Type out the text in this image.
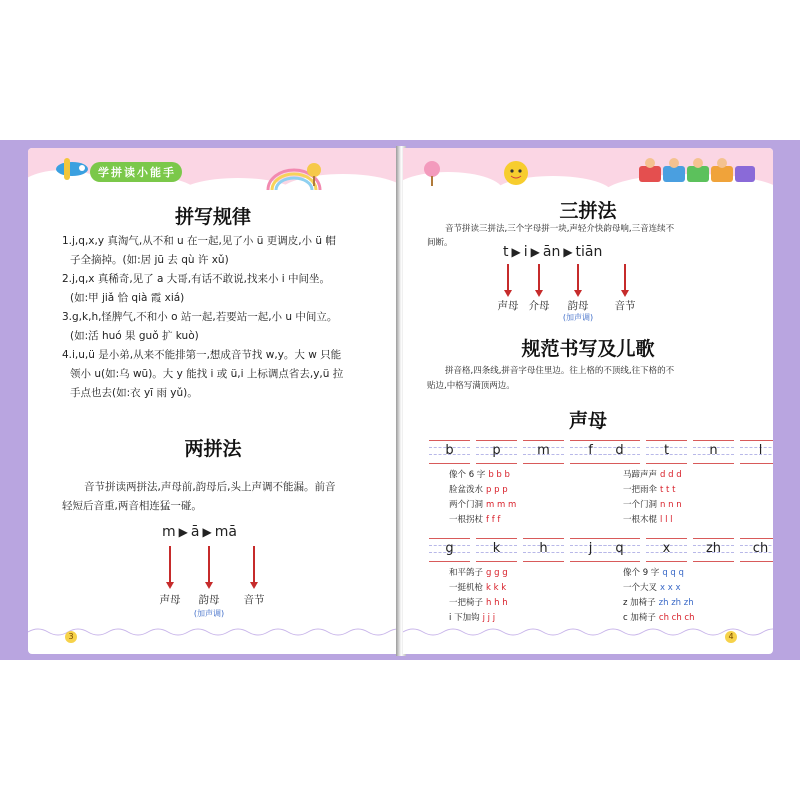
学 拼 读 小 能 手
拼写规律
1.j,q,x,y 真淘气,从不和 u 在一起,见了小 ü 更调皮,小 ü 帽
子全摘掉。(如:居 jū 去 qù 许 xǔ)
2.j,q,x 真稀奇,见了 a 大哥,有话不敢说,找来小 i 中间坐。
(如:甲 jiǎ 恰 qià 霞 xiá)
3.g,k,h,怪脾气,不和小 o 站一起,若要站一起,小 u 中间立。
(如:活 huó 果 guǒ 扩 kuò)
4.i,u,ü 是小弟,从来不能排第一,想成音节找 w,y。大 w 只能
领小 u(如:乌 wū)。大 y 能找 i 或 ü,i 上标调点省去,y,ü 拉
手点也去(如:衣 yī 雨 yǔ)。
两拼法
音节拼读两拼法,声母前,韵母后,头上声调不能漏。前音
轻短后音重,两音相连猛一碰。
m ▶ ā ▶ mā
声母	韵母	音节
(加声调)
3
三拼法
音节拼读三拼法,三个字母拼一块,声轻介快韵母响,三音连续不
间断。
t ▶ i ▶ ān ▶ tiān
声母 介母	韵母	音节
(加声调)
规范书写及儿歌
拼音格,四条线,拼音字母住里边。往上格的不顶线,往下格的不
贴边,中格写满顶两边。
声母
b	p	m	f	d	t	n	l
像个 6 字 b b b
脸盆泼水 p p p
两个门洞 m m m
一根拐杖 f f f
马蹄声声 d d d
一把雨伞 t t t
一个门洞 n n n
一根木棍 l l l
g	k	h	j	q	x	zh	ch
和平鸽子 g g g
一挺机枪 k k k
一把椅子 h h h
i 下加钩 j j j
像个 9 字 q q q
一个大叉 x x x
z 加椅子 zh zh zh
c 加椅子 ch ch ch
4
